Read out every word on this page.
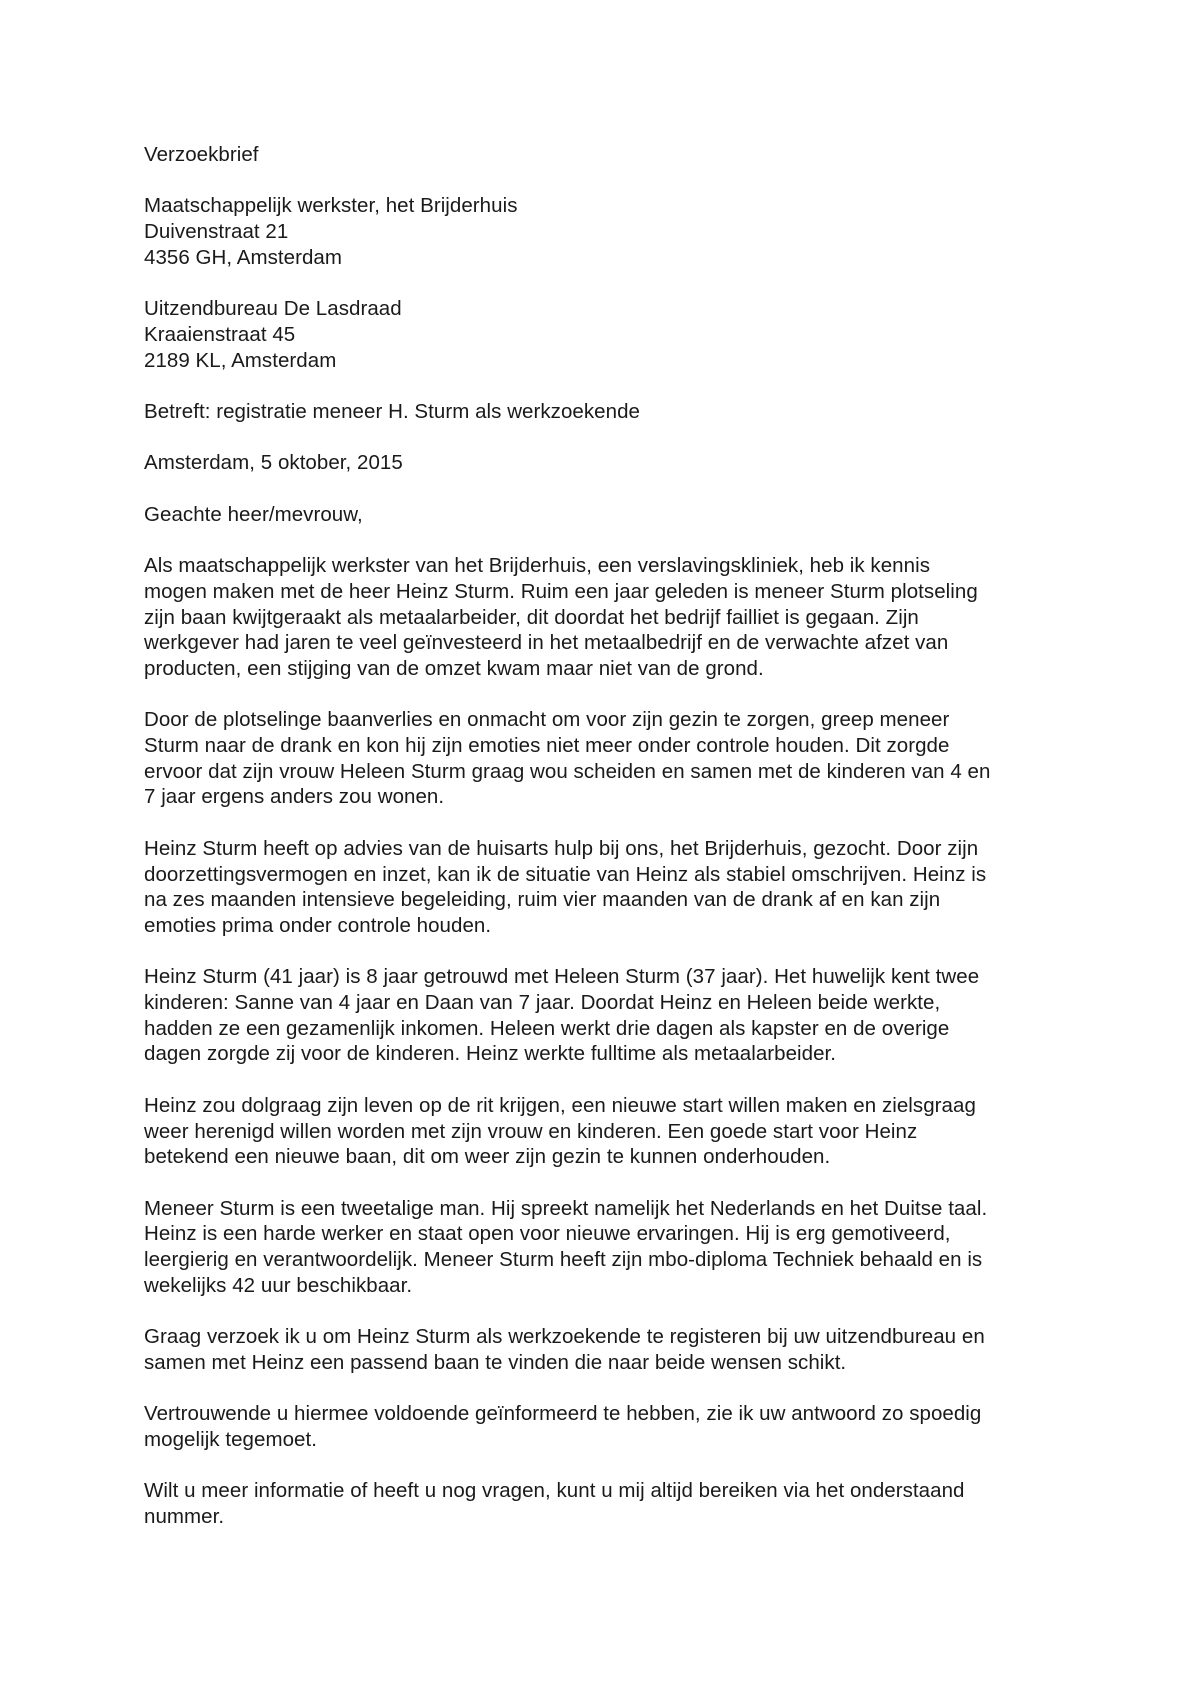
Verzoekbrief
Maatschappelijk werkster, het Brijderhuis
Duivenstraat 21
4356 GH, Amsterdam
Uitzendbureau De Lasdraad
Kraaienstraat 45
2189 KL, Amsterdam
Betreft: registratie meneer H. Sturm als werkzoekende
Amsterdam, 5 oktober, 2015
Geachte heer/mevrouw,
Als maatschappelijk werkster van het Brijderhuis, een verslavingskliniek, heb ik kennis
mogen maken met de heer Heinz Sturm. Ruim een jaar geleden is meneer Sturm plotseling
zijn baan kwijtgeraakt als metaalarbeider, dit doordat het bedrijf failliet is gegaan. Zijn
werkgever had jaren te veel geïnvesteerd in het metaalbedrijf en de verwachte afzet van
producten, een stijging van de omzet kwam maar niet van de grond.
Door de plotselinge baanverlies en onmacht om voor zijn gezin te zorgen, greep meneer
Sturm naar de drank en kon hij zijn emoties niet meer onder controle houden. Dit zorgde
ervoor dat zijn vrouw Heleen Sturm graag wou scheiden en samen met de kinderen van 4 en
7 jaar ergens anders zou wonen.
Heinz Sturm heeft op advies van de huisarts hulp bij ons, het Brijderhuis, gezocht. Door zijn
doorzettingsvermogen en inzet, kan ik de situatie van Heinz als stabiel omschrijven. Heinz is
na zes maanden intensieve begeleiding, ruim vier maanden van de drank af en kan zijn
emoties prima onder controle houden.
Heinz Sturm (41 jaar) is 8 jaar getrouwd met Heleen Sturm (37 jaar). Het huwelijk kent twee
kinderen: Sanne van 4 jaar en Daan van 7 jaar. Doordat Heinz en Heleen beide werkte,
hadden ze een gezamenlijk inkomen. Heleen werkt drie dagen als kapster en de overige
dagen zorgde zij voor de kinderen. Heinz werkte fulltime als metaalarbeider.
Heinz zou dolgraag zijn leven op de rit krijgen, een nieuwe start willen maken en zielsgraag
weer herenigd willen worden met zijn vrouw en kinderen. Een goede start voor Heinz
betekend een nieuwe baan, dit om weer zijn gezin te kunnen onderhouden.
Meneer Sturm is een tweetalige man. Hij spreekt namelijk het Nederlands en het Duitse taal.
Heinz is een harde werker en staat open voor nieuwe ervaringen. Hij is erg gemotiveerd,
leergierig en verantwoordelijk. Meneer Sturm heeft zijn mbo-diploma Techniek behaald en is
wekelijks 42 uur beschikbaar.
Graag verzoek ik u om Heinz Sturm als werkzoekende te registeren bij uw uitzendbureau en
samen met Heinz een passend baan te vinden die naar beide wensen schikt.
Vertrouwende u hiermee voldoende geïnformeerd te hebben, zie ik uw antwoord zo spoedig
mogelijk tegemoet.
Wilt u meer informatie of heeft u nog vragen, kunt u mij altijd bereiken via het onderstaand
nummer.
